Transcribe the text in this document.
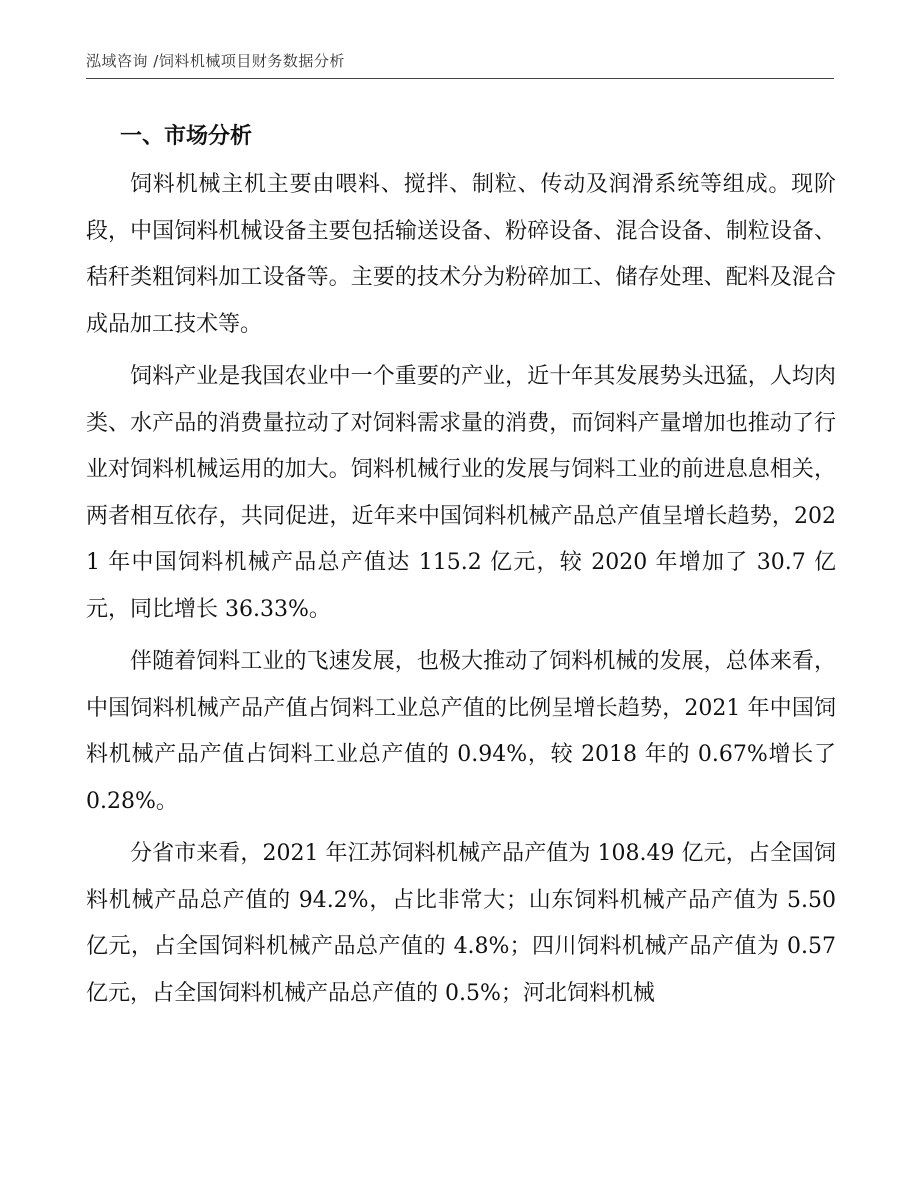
泓域咨询 /饲料机械项目财务数据分析
一、市场分析

饲料机械主机主要由喂料、搅拌、制粒、传动及润滑系统等组成。现阶段，中国饲料机械设备主要包括输送设备、粉碎设备、混合设备、制粒设备、秸秆类粗饲料加工设备等。主要的技术分为粉碎加工、储存处理、配料及混合成品加工技术等。

饲料产业是我国农业中一个重要的产业，近十年其发展势头迅猛，人均肉类、水产品的消费量拉动了对饲料需求量的消费，而饲料产量增加也推动了行业对饲料机械运用的加大。饲料机械行业的发展与饲料工业的前进息息相关，两者相互依存，共同促进，近年来中国饲料机械产品总产值呈增长趋势，2021 年中国饲料机械产品总产值达 115.2 亿元，较 2020 年增加了 30.7 亿元，同比增长 36.33%。

伴随着饲料工业的飞速发展，也极大推动了饲料机械的发展，总体来看，中国饲料机械产品产值占饲料工业总产值的比例呈增长趋势，2021 年中国饲料机械产品产值占饲料工业总产值的 0.94%，较 2018 年的 0.67%增长了 0.28%。

分省市来看，2021 年江苏饲料机械产品产值为 108.49 亿元，占全国饲料机械产品总产值的 94.2%，占比非常大；山东饲料机械产品产值为 5.50 亿元，占全国饲料机械产品总产值的 4.8%；四川饲料机械产品产值为 0.57 亿元，占全国饲料机械产品总产值的 0.5%；河北饲料机械
